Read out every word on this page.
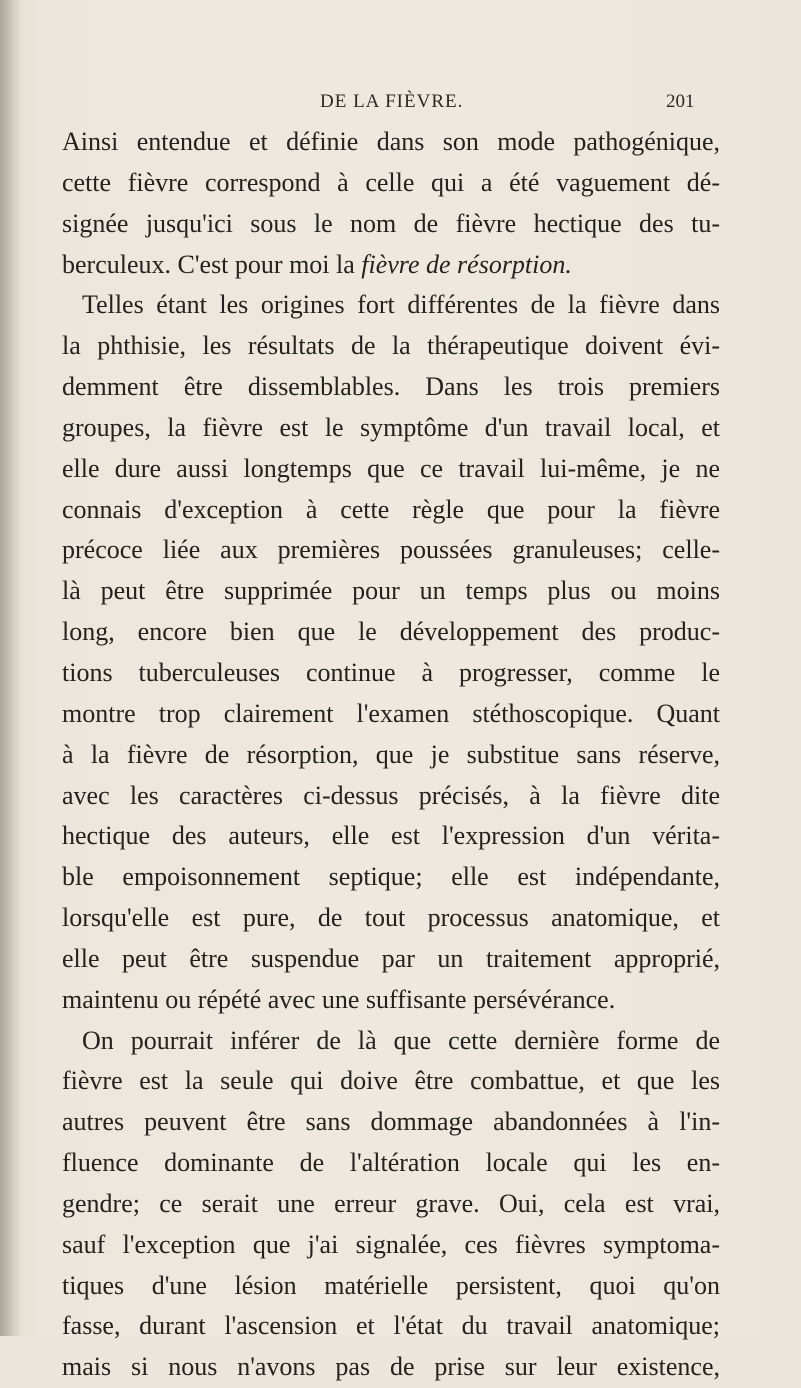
DE LA FIÈVRE.	201
Ainsi entendue et définie dans son mode pathogénique,
cette fièvre correspond à celle qui a été vaguement dé-
signée jusqu'ici sous le nom de fièvre hectique des tu-
berculeux. C'est pour moi la fièvre de résorption.
Telles étant les origines fort différentes de la fièvre dans
la phthisie, les résultats de la thérapeutique doivent évi-
demment être dissemblables. Dans les trois premiers
groupes, la fièvre est le symptôme d'un travail local, et
elle dure aussi longtemps que ce travail lui-même, je ne
connais d'exception à cette règle que pour la fièvre
précoce liée aux premières poussées granuleuses; celle-
là peut être supprimée pour un temps plus ou moins
long, encore bien que le développement des produc-
tions tuberculeuses continue à progresser, comme le
montre trop clairement l'examen stéthoscopique. Quant
à la fièvre de résorption, que je substitue sans réserve,
avec les caractères ci-dessus précisés, à la fièvre dite
hectique des auteurs, elle est l'expression d'un vérita-
ble empoisonnement septique; elle est indépendante,
lorsqu'elle est pure, de tout processus anatomique, et
elle peut être suspendue par un traitement approprié,
maintenu ou répété avec une suffisante persévérance.
On pourrait inférer de là que cette dernière forme de
fièvre est la seule qui doive être combattue, et que les
autres peuvent être sans dommage abandonnées à l'in-
fluence dominante de l'altération locale qui les en-
gendre; ce serait une erreur grave. Oui, cela est vrai,
sauf l'exception que j'ai signalée, ces fièvres symptoma-
tiques d'une lésion matérielle persistent, quoi qu'on
fasse, durant l'ascension et l'état du travail anatomique;
mais si nous n'avons pas de prise sur leur existence,
